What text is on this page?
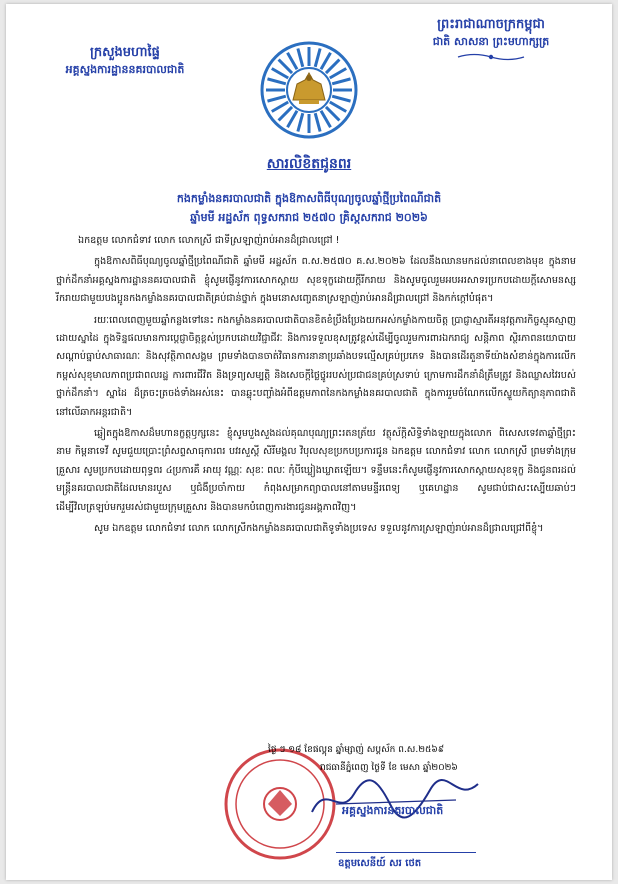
ព្រះរាជាណាចក្រកម្ពុជា
ជាតិ សាសនា ព្រះមហាក្សត្រ
ក្រសួងមហាផ្ទៃ
អគ្គស្នងការដ្ឋាននគរបាលជាតិ
សារលិខិតជូនពរ
កងកម្លាំងនគរបាលជាតិ ក្នុងឱកាសពិធីបុណ្យចូលឆ្នាំថ្មីប្រពៃណីជាតិ
ឆ្នាំមមី អដ្ឋស័ក ពុទ្ធសករាជ ២៥៧០ គ្រិស្តសករាជ ២០២៦

ឯកឧត្តម លោកជំទាវ លោក លោកស្រី ជាទីស្រឡាញ់រាប់អានដ៏ជ្រាលជ្រៅ !

ក្នុងឱកាសពិធីបុណ្យចូលឆ្នាំថ្មីប្រពៃណីជាតិ ឆ្នាំមមី អដ្ឋស័ក ព.ស.២៥៧០ គ.ស.២០២៦ ដែលនឹងឈានមកដល់នាពេលខាងមុខ ក្នុងនាមថ្នាក់ដឹកនាំអគ្គស្នងការដ្ឋាននគរបាលជាតិ ខ្ញុំសូមផ្ញើនូវការសោកស្តាយ សុខទុក្ខដោយក្តីរីករាយ និងសូមចូលរួមអបអរសាទរប្រកបដោយក្តីសោមនស្សរីករាយជាមួយបងប្អូនកងកម្លាំងនគរបាលជាតិគ្រប់ជាន់ថ្នាក់ ក្នុងមនោសញ្ចេតនាស្រឡាញ់រាប់អានដ៏ជ្រាលជ្រៅ និងកក់ក្តៅបំផុត។

រយៈពេលពេញមួយឆ្នាំកន្លងទៅនេះ កងកម្លាំងនគរបាលជាតិបានខិតខំប្រឹងប្រែងយកអស់កម្លាំងកាយចិត្ត ប្រាជ្ញាស្មារតីអនុវត្តភារកិច្ចស្មុគស្មាញដោយស្នាដៃ ក្នុងទិន្នផលមានការប្តេជ្ញាចិត្តខ្ពស់ប្រកបដោយវិជ្ជាជីវៈ និងការទទួលខុសត្រូវខ្ពស់ដើម្បីចូលរួមការពារឯករាជ្យ សន្តិភាព ស្ថិរភាពនយោបាយ សណ្តាប់ធ្នាប់សាធារណៈ និងសុវត្ថិភាពសង្គម ព្រមទាំងបានចាត់វិធានការនានាប្រឆាំងបទល្មើសគ្រប់ប្រភេទ និងបានដើរតួនាទីយ៉ាងសំខាន់ក្នុងការលើកកម្ពស់សុខុមាលភាពប្រជាពលរដ្ឋ ការពារជីវិត និងទ្រព្យសម្បត្តិ និងសេចក្តីថ្លៃថ្នូររបស់ប្រជាជនគ្រប់ស្រទាប់ ក្រោមការដឹកនាំដ៏ត្រឹមត្រូវ និងឈ្លាសវៃរបស់ថ្នាក់ដឹកនាំ។ ស្នាដៃ ដ៏ត្រចះត្រចង់ទាំងអស់នេះ បានឆ្លុះបញ្ចាំងអំពីឧត្តមភាពនៃកងកម្លាំងនគរបាលជាតិ ក្នុងការរួមចំណែកលើកស្ទួយកិត្យានុភាពជាតិនៅលើឆាកអន្តរជាតិ។

ឆ្លៀតក្នុងឱកាសដ៏មហានក្ខត្តឫក្សនេះ ខ្ញុំសូមបួងសួងដល់គុណបុណ្យព្រះរតនត្រ័យ វត្ថុស័ក្តិសិទ្ធិទាំងឡាយក្នុងលោក ពិសេសទេវតាឆ្នាំថ្មីព្រះនាម កិម្ពនាទេវី សូមជួយប្រោះព្រំសព្ទសាធុការពរ បវរសួស្តី សិរីមង្គល វិបុលសុខប្រកបប្រការជូន ឯកឧត្តម លោកជំទាវ លោក លោកស្រី ព្រមទាំងក្រុមគ្រួសារ សូមប្រកបដោយពុទ្ធពរ ៤ប្រការគឺ អាយុ វណ្ណៈ សុខៈ ពលៈ កុំបីឃ្លៀងឃ្លាតឡើយ។ ទន្ទឹមនេះក៏សូមផ្ញើនូវការសោកស្តាយសុខទុក្ខ និងជូនពរដល់មន្ត្រីនគរបាលជាតិដែលមានរបួស ឬជំងឺប្រចាំកាយ កំពុងសម្រាកព្យាបាលនៅតាមមន្ទីរពេទ្យ ឬគេហដ្ឋាន សូមជាប់ជាសះស្បើយឆាប់ៗដើម្បីវិលត្រឡប់មករួមរស់ជាមួយក្រុមគ្រួសារ និងបានមកបំពេញការងារជូនអង្គភាពវិញ។

សូម ឯកឧត្តម លោកជំទាវ លោក លោកស្រីកងកម្លាំងនគរបាលជាតិទូទាំងប្រទេស ទទួលនូវការស្រឡាញ់រាប់អានដ៏ជ្រាលជ្រៅពីខ្ញុំ។

ថ្ងៃ ៗ ១៨ ខែផល្គុន ឆ្នាំម្សាញ់ សប្តស័ក ព.ស.២៥៦៩
រាជធានីភ្នំពេញ ថ្ងៃទី ខែ មេសា ឆ្នាំ២០២៦
អគ្គស្នងការនគរបាលជាតិ
ឧត្តមសេនីយ៍ សរ ថេត
